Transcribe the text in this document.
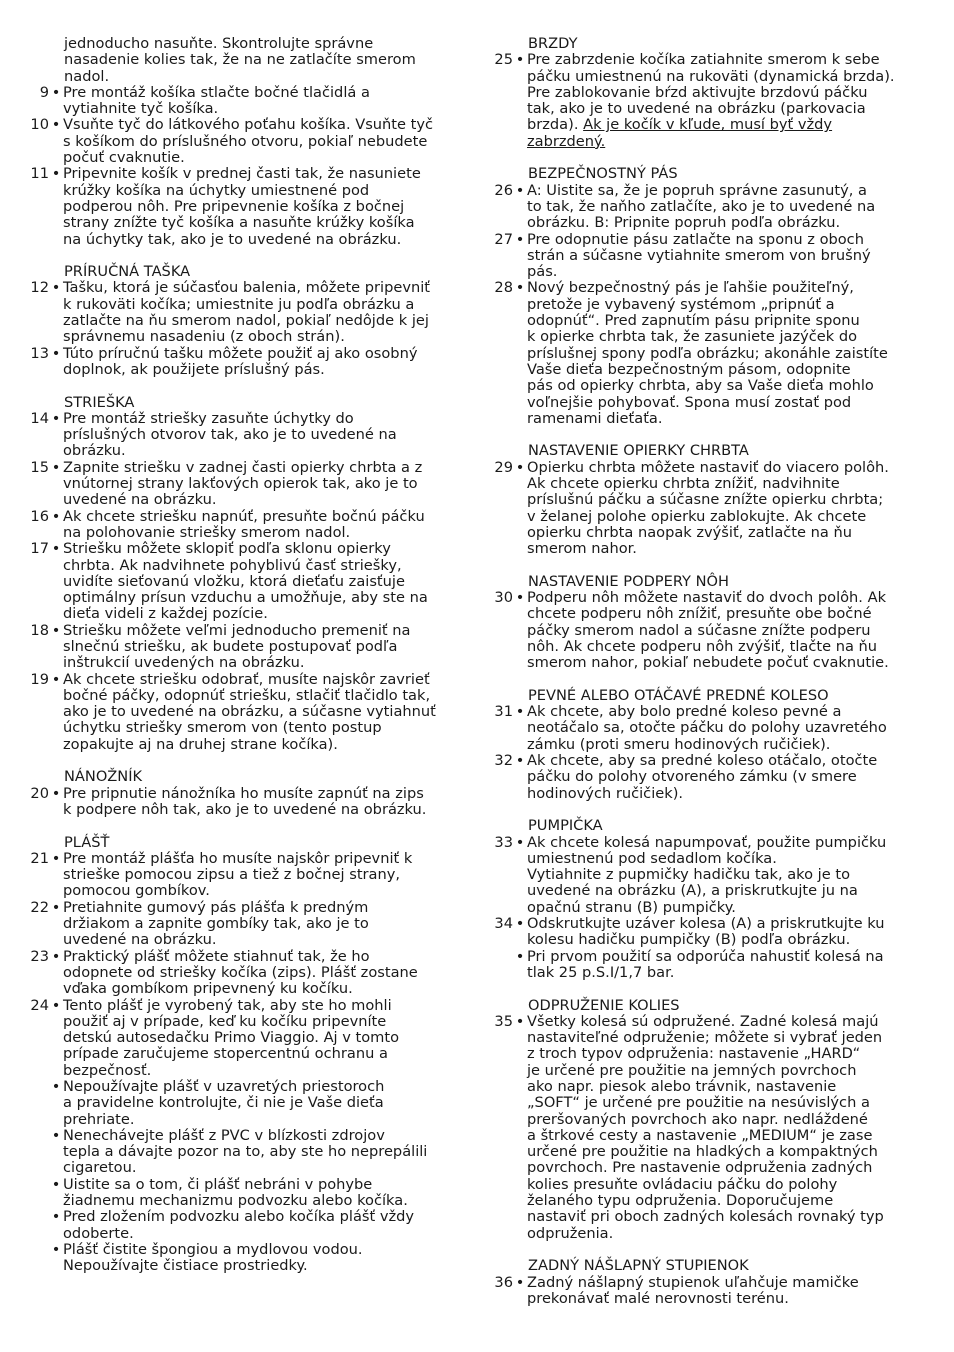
jednoducho nasuňte. Skontrolujte správne
nasadenie kolies tak, že na ne zatlačíte smerom
nadol.
9 • Pre montáž košíka stlačte bočné tlačidlá a
vytiahnite tyč košíka.
10 • Vsuňte tyč do látkového poťahu košíka. Vsuňte tyč
s košíkom do príslušného otvoru, pokiaľ nebudete
počuť cvaknutie.
11 • Pripevnite košík v prednej časti tak, že nasuniete
krúžky košíka na úchytky umiestnené pod
podperou nôh. Pre pripevnenie košíka z bočnej
strany znížte tyč košíka a nasuňte krúžky košíka
na úchytky tak, ako je to uvedené na obrázku.
PRÍRUČNÁ TAŠKA
12 • Tašku, ktorá je súčasťou balenia, môžete pripevniť
k rukoväti kočíka; umiestnite ju podľa obrázku a
zatlačte na ňu smerom nadol, pokiaľ nedôjde k jej
správnemu nasadeniu (z oboch strán).
13 • Túto príručnú tašku môžete použiť aj ako osobný
doplnok, ak použijete príslušný pás.
STRIEŠKA
14 • Pre montáž striešky zasuňte úchytky do
príslušných otvorov tak, ako je to uvedené na
obrázku.
15 • Zapnite striešku v zadnej časti opierky chrbta a z
vnútornej strany lakťových opierok tak, ako je to
uvedené na obrázku.
16 • Ak chcete striešku napnúť, presuňte bočnú páčku
na polohovanie striešky smerom nadol.
17 • Striešku môžete sklopiť podľa sklonu opierky
chrbta. Ak nadvihnete pohyblivú časť striešky,
uvidíte sieťovanú vložku, ktorá dieťaťu zaisťuje
optimálny prísun vzduchu a umožňuje, aby ste na
dieťa videli z každej pozície.
18 • Striešku môžete veľmi jednoducho premeniť na
slnečnú striešku, ak budete postupovať podľa
inštrukcií uvedených na obrázku.
19 • Ak chcete striešku odobrať, musíte najskôr zavrieť
bočné páčky, odopnúť striešku, stlačiť tlačidlo tak,
ako je to uvedené na obrázku, a súčasne vytiahnuť
úchytku striešky smerom von (tento postup
zopakujte aj na druhej strane kočíka).
NÁNOŽNÍK
20 • Pre pripnutie nánožníka ho musíte zapnúť na zips
k podpere nôh tak, ako je to uvedené na obrázku.
PLÁŠŤ
21 • Pre montáž plášťa ho musíte najskôr pripevniť k
strieške pomocou zipsu a tiež z bočnej strany,
pomocou gombíkov.
22 • Pretiahnite gumový pás plášťa k predným
držiakom a zapnite gombíky tak, ako je to
uvedené na obrázku.
23 • Praktický plášť môžete stiahnuť tak, že ho
odopnete od striešky kočíka (zips). Plášť zostane
vďaka gombíkom pripevnený ku kočíku.
24 • Tento plášť je vyrobený tak, aby ste ho mohli
použiť aj v prípade, keď ku kočíku pripevníte
detskú autosedačku Primo Viaggio. Aj v tomto
prípade zaručujeme stopercentnú ochranu a
bezpečnosť.
• Nepoužívajte plášť v uzavretých priestoroch
a pravidelne kontrolujte, či nie je Vaše dieťa
prehriate.
• Nenechávejte plášť z PVC v blízkosti zdrojov
tepla a dávajte pozor na to, aby ste ho neprepálili
cigaretou.
• Uistite sa o tom, či plášť nebráni v pohybe
žiadnemu mechanizmu podvozku alebo kočíka.
• Pred zložením podvozku alebo kočíka plášť vždy
odoberte.
• Plášť čistite špongiou a mydlovou vodou.
Nepoužívajte čistiace prostriedky.
BRZDY
25 • Pre zabrzdenie kočíka zatiahnite smerom k sebe
páčku umiestnenú na rukoväti (dynamická brzda).
Pre zablokovanie bŕzd aktivujte brzdovú páčku
tak, ako je to uvedené na obrázku (parkovacia
brzda). Ak je kočík v kľude, musí byť vždy
zabrzdený.
BEZPEČNOSTNÝ PÁS
26 • A: Uistite sa, že je popruh správne zasunutý, a
to tak, že naňho zatlačíte, ako je to uvedené na
obrázku. B: Pripnite popruh podľa obrázku.
27 • Pre odopnutie pásu zatlačte na sponu z oboch
strán a súčasne vytiahnite smerom von brušný
pás.
28 • Nový bezpečnostný pás je ľahšie použiteľný,
pretože je vybavený systémom „pripnúť a
odopnúť“. Pred zapnutím pásu pripnite sponu
k opierke chrbta tak, že zasuniete jazýček do
príslušnej spony podľa obrázku; akonáhle zaistíte
Vaše dieťa bezpečnostným pásom, odopnite
pás od opierky chrbta, aby sa Vaše dieťa mohlo
voľnejšie pohybovať. Spona musí zostať pod
ramenami dieťaťa.
NASTAVENIE OPIERKY CHRBTA
29 • Opierku chrbta môžete nastaviť do viacero polôh.
Ak chcete opierku chrbta znížiť, nadvihnite
príslušnú páčku a súčasne znížte opierku chrbta;
v želanej polohe opierku zablokujte. Ak chcete
opierku chrbta naopak zvýšiť, zatlačte na ňu
smerom nahor.
NASTAVENIE PODPERY NÔH
30 • Podperu nôh môžete nastaviť do dvoch polôh. Ak
chcete podperu nôh znížiť, presuňte obe bočné
páčky smerom nadol a súčasne znížte podperu
nôh. Ak chcete podperu nôh zvýšiť, tlačte na ňu
smerom nahor, pokiaľ nebudete počuť cvaknutie.
PEVNÉ ALEBO OTÁČAVÉ PREDNÉ KOLESO
31 • Ak chcete, aby bolo predné koleso pevné a
neotáčalo sa, otočte páčku do polohy uzavretého
zámku (proti smeru hodinových ručičiek).
32 • Ak chcete, aby sa predné koleso otáčalo, otočte
páčku do polohy otvoreného zámku (v smere
hodinových ručičiek).
PUMPIČKA
33 • Ak chcete kolesá napumpovať, použite pumpičku
umiestnenú pod sedadlom kočíka.
Vytiahnite z pupmičky hadičku tak, ako je to
uvedené na obrázku (A), a priskrutkujte ju na
opačnú stranu (B) pumpičky.
34 • Odskrutkujte uzáver kolesa (A) a priskrutkujte ku
kolesu hadičku pumpičky (B) podľa obrázku.
• Pri prvom použití sa odporúča nahustiť kolesá na
tlak 25 p.S.I/1,7 bar.
ODPRUŽENIE KOLIES
35 • Všetky kolesá sú odpružené. Zadné kolesá majú
nastaviteľné odpruženie; môžete si vybrať jeden
z troch typov odpruženia: nastavenie „HARD“
je určené pre použitie na jemných povrchoch
ako napr. piesok alebo trávnik, nastavenie
„SOFT“ je určené pre použitie na nesúvislých a
preršovaných povrchoch ako napr. nedláždené
a štrkové cesty a nastavenie „MEDIUM“ je zase
určené pre použitie na hladkých a kompaktných
povrchoch. Pre nastavenie odpruženia zadných
kolies presuňte ovládaciu páčku do polohy
želaného typu odpruženia. Doporučujeme
nastaviť pri oboch zadných kolesách rovnaký typ
odpruženia.
ZADNÝ NÁŠLAPNÝ STUPIENOK
36 • Zadný nášlapný stupienok uľahčuje mamičke
prekonávať malé nerovnosti terénu.
